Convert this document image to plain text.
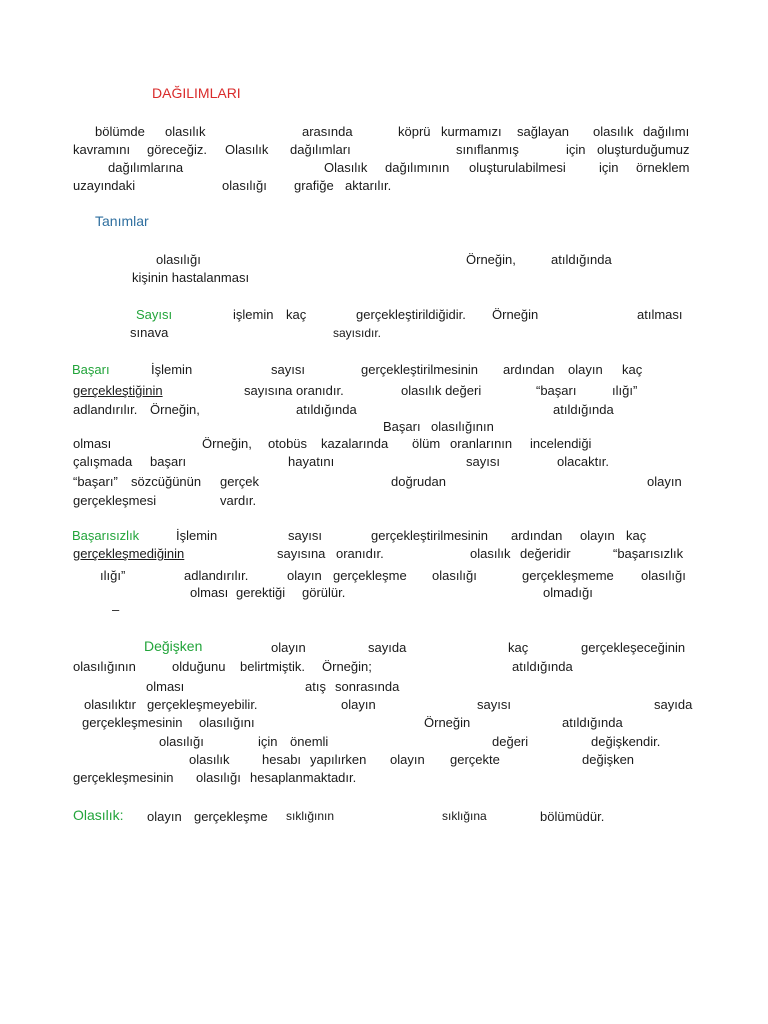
DAĞILIMLARI
bölümde olasılık	arasında	köprü kurmamızı sağlayan olasılık dağılımı
kavramını göreceğiz. Olasılık dağılımları	sınıflanmış	için oluşturduğumuz
dağılımlarına	Olasılık dağılımının oluşturulabilmesi	için örneklem
uzayındaki	olasılığı grafiğe aktarılır.
Tanımlar
olasılığı	Örneğin,	atıldığında
kişinin hastalanması
Sayısı	işlemin kaç	gerçekleştirildiğidir. Örneğin	atılması
sınava	sayısıdır.
Başarı	İşlemin	sayısı	gerçekleştirilmesinin ardından olayın kaç
gerçekleştiğinin	sayısına oranıdır.	olasılık değeri	“başarı	ılığı”
adlandırılır. Örneğin,	atıldığında	atıldığında
Başarı olasılığının
olması	Örneğin, otobüs kazalarında ölüm oranlarının incelendiği
çalışmada başarı	hayatını	sayısı	olacaktır.
“başarı” sözcüğünün gerçek	doğrudan	olayın
gerçekleşmesi	vardır.
Başarısızlık	İşlemin	sayısı	gerçekleştirilmesinin ardından olayın kaç
gerçekleşmediğinin	sayısına oranıdır.	olasılık değeridir	“başarısızlık
ılığı”	adlandırılır.	olayın gerçekleşme olasılığı	gerçekleşmeme olasılığı
olması gerektiği görülür.	olmadığı
–
Değişken	olayın	sayıda	kaç	gerçekleşeceğinin
olasılığının	olduğunu belirtmiştik. Örneğin;	atıldığında
olması	atış sonrasında
olasılıktır gerçekleşmeyebilir.	olayın	sayısı	sayıda
gerçekleşmesinin olasılığını	Örneğin	atıldığında
olasılığı	için önemli	değeri	değişkendir.
olasılık	hesabı yapılırken olayın gerçekte	değişken
gerçekleşmesinin olasılığı hesaplanmaktadır.
Olasılık: olayın gerçekleşme sıklığının	sıklığına	bölümüdür.
